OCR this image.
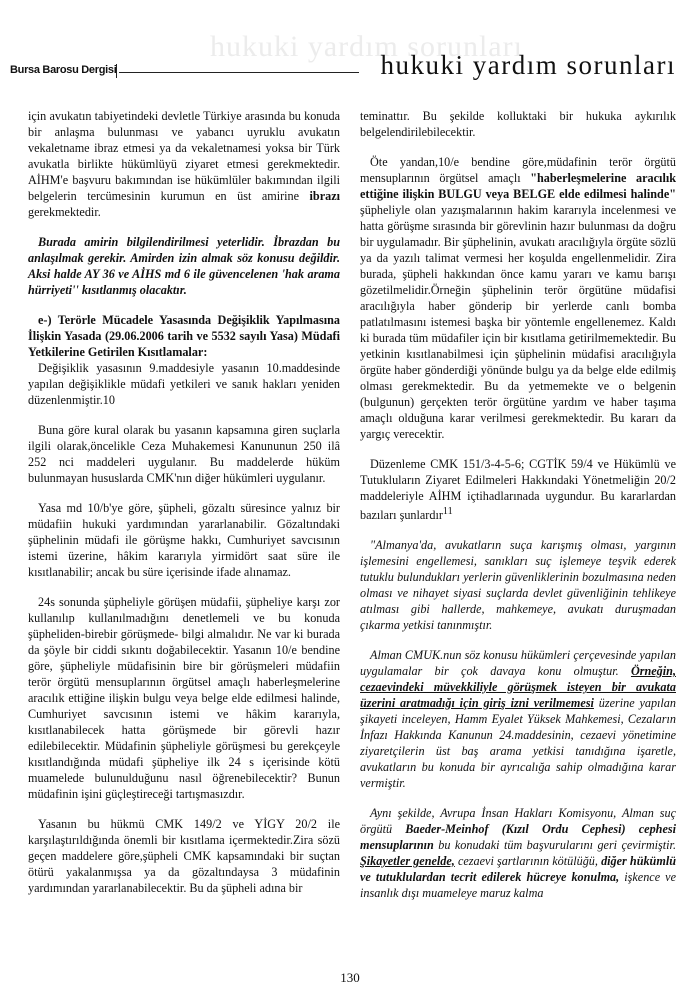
hukuki yardım sorunları
Bursa Barosu Dergisi	hukuki yardım sorunları

için avukatın tabiyetindeki devletle Türkiye arasında bu konuda bir anlaşma bulunması ve yabancı uyruklu avukatın vekaletname ibraz etmesi ya da vekaletnamesi yoksa bir Türk avukatla birlikte hükümlüyü ziyaret etmesi gerekmektedir. AİHM'e başvuru bakımından ise hükümlüler bakımından ilgili belgelerin tercümesinin kurumun en üst amirine ibrazı gerekmektedir.

Burada amirin bilgilendirilmesi yeterlidir. İbrazdan bu anlaşılmak gerekir. Amirden izin almak söz konusu değildir. Aksi halde AY 36 ve AİHS md 6 ile güvencelenen 'hak arama hürriyeti'' kısıtlanmış olacaktır.

e-) Terörle Mücadele Yasasında Değişiklik Yapılmasına İlişkin Yasada (29.06.2006 tarih ve 5532 sayılı Yasa) Müdafi Yetkilerine Getirilen Kısıtlamalar:
Değişiklik yasasının 9.maddesiyle yasanın 10.maddesinde yapılan değişiklikle müdafi yetkileri ve sanık hakları yeniden düzenlenmiştir.10

Buna göre kural olarak bu yasanın kapsamına giren suçlarla ilgili olarak,öncelikle Ceza Muhakemesi Kanununun 250 ilâ 252 nci maddeleri uygulanır. Bu maddelerde hüküm bulunmayan hususlarda CMK'nın diğer hükümleri uygulanır.

Yasa md 10/b'ye göre, şüpheli, gözaltı süresince yalnız bir müdafiin hukuki yardımından yararlanabilir. Gözaltındaki şüphelinin müdafi ile görüşme hakkı, Cumhuriyet savcısının istemi üzerine, hâkim kararıyla yirmidört saat süre ile kısıtlanabilir; ancak bu süre içerisinde ifade alınamaz.

24s sonunda şüpheliyle görüşen müdafii, şüpheliye karşı zor kullanılıp kullanılmadığını denetlemeli ve bu konuda şüpheliden-birebir görüşmede- bilgi almalıdır. Ne var ki burada da şöyle bir ciddi sıkıntı doğabilecektir. Yasanın 10/e bendine göre, şüpheliyle müdafisinin bire bir görüşmeleri müdafiin terör örgütü mensuplarının örgütsel amaçlı haberleşmelerine aracılık ettiğine ilişkin bulgu veya belge elde edilmesi halinde, Cumhuriyet savcısının istemi ve hâkim kararıyla, kısıtlanabilecek hatta görüşmede bir görevli hazır edilebilecektir. Müdafinin şüpheliyle görüşmesi bu gerekçeyle kısıtlandığında müdafi şüpheliye ilk 24 s içerisinde kötü muamelede bulunulduğunu nasıl öğrenebilecektir? Bunun müdafinin işini güçleştireceği tartışmasızdır.

Yasanın bu hükmü CMK 149/2 ve YİGY 20/2 ile karşılaştırıldığında önemli bir kısıtlama içermektedir.Zira sözü geçen maddelere göre,şüpheli CMK kapsamındaki bir suçtan ötürü yakalanmışsa ya da gözaltındaysa 3 müdafinin yardımından yararlanabilecektir. Bu da şüpheli adına bir

teminattır. Bu şekilde kolluktaki bir hukuka aykırılık belgelendirilebilecektir.

Öte yandan,10/e bendine göre,müdafinin terör örgütü mensuplarının örgütsel amaçlı "haberleşmelerine aracılık ettiğine ilişkin BULGU veya BELGE elde edilmesi halinde" şüpheliyle olan yazışmalarının hakim kararıyla incelenmesi ve hatta görüşme sırasında bir görevlinin hazır bulunması da doğru bir uygulamadır. Bir şüphelinin, avukatı aracılığıyla örgüte sözlü ya da yazılı talimat vermesi her koşulda engellenmelidir. Zira burada, şüpheli hakkından önce kamu yararı ve kamu barışı gözetilmelidir.Örneğin şüphelinin terör örgütüne müdafisi aracılığıyla haber gönderip bir yerlerde canlı bomba patlatılmasını istemesi başka bir yöntemle engellenemez. Kaldı ki burada tüm müdafiler için bir kısıtlama getirilmemektedir. Bu yetkinin kısıtlanabilmesi için şüphelinin müdafisi aracılığıyla örgüte haber gönderdiği yönünde bulgu ya da belge elde edilmiş olması gerekmektedir. Bu da yetmemekte ve o belgenin (bulgunun) gerçekten terör örgütüne yardım ve haber taşıma amaçlı olduğuna karar verilmesi gerekmektedir. Bu kararı da yargıç verecektir.

Düzenleme CMK 151/3-4-5-6; CGTİK 59/4 ve Hükümlü ve Tutukluların Ziyaret Edilmeleri Hakkındaki Yönetmeliğin 20/2 maddeleriyle AİHM içtihadlarınada uygundur. Bu kararlardan bazıları şunlardır$^{11}$

"Almanya'da, avukatların suça karışmış olması, yargının işlemesini engellemesi, sanıkları suç işlemeye teşvik ederek tutuklu bulundukları yerlerin güvenliklerinin bozulmasına neden olması ve nihayet siyasi suçlarda devlet güvenliğinin tehlikeye atılması gibi hallerde, mahkemeye, avukatı duruşmadan çıkarma yetkisi tanınmıştır.

Alman CMUK.nun söz konusu hükümleri çerçevesinde yapılan uygulamalar bir çok davaya konu olmuştur. Örneğin, cezaevindeki müvekkiliyle görüşmek isteyen bir avukata üzerini aratmadığı için giriş izni verilmemesi üzerine yapılan şikayeti inceleyen, Hamm Eyalet Yüksek Mahkemesi, Cezaların İnfazı Hakkında Kanunun 24.maddesinin, cezaevi yönetimine ziyaretçilerin üst baş arama yetkisi tanıdığına işaretle, avukatların bu konuda bir ayrıcalığa sahip olmadığına karar vermiştir.

Aynı şekilde, Avrupa İnsan Hakları Komisyonu, Alman suç örgütü Baeder-Meinhof (Kızıl Ordu Cephesi) cephesi mensuplarının bu konudaki tüm başvurularını geri çevirmiştir. Şikayetler genelde, cezaevi şartlarının kötülüğü, diğer hükümlü ve tutuklulardan tecrit edilerek hücreye konulma, işkence ve insanlık dışı muameleye maruz kalma

130
